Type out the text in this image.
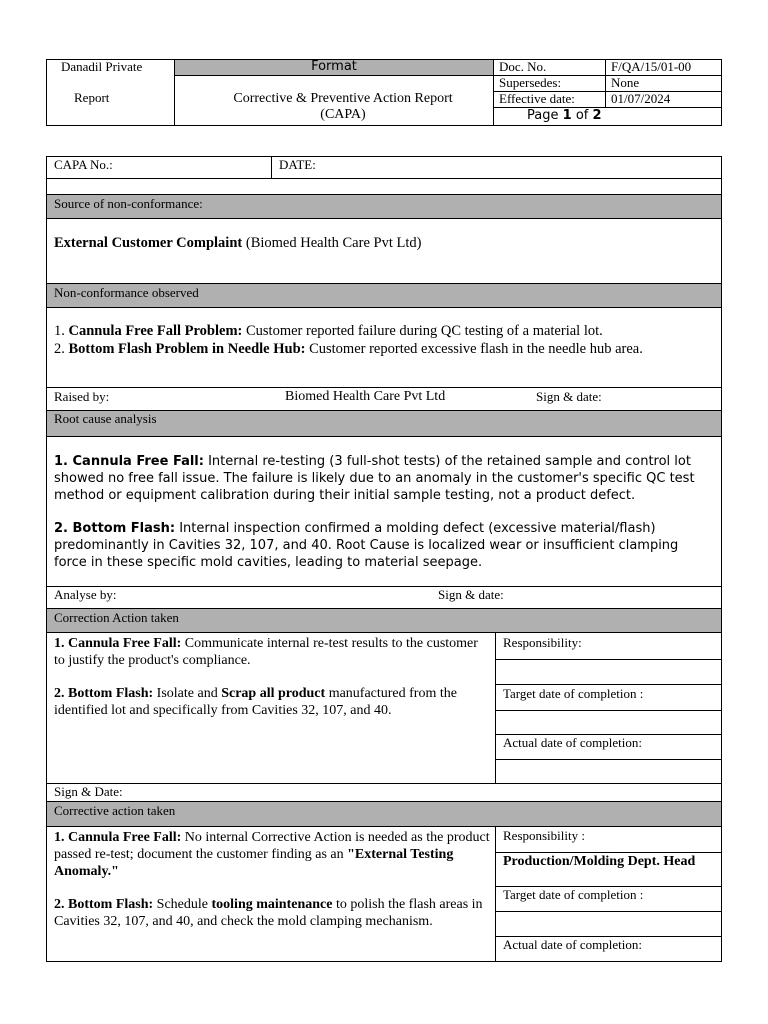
Danadil Private
Report
Format
Corrective & Preventive Action Report
(CAPA)
Doc. No.	F/QA/15/01-00
Supersedes:	None
Effective date:	01/07/2024
Page 1 of 2
CAPA No.:	DATE:
Source of non-conformance:
External Customer Complaint (Biomed Health Care Pvt Ltd)
Non-conformance observed
1. Cannula Free Fall Problem: Customer reported failure during QC testing of a material lot.
2. Bottom Flash Problem in Needle Hub: Customer reported excessive flash in the needle hub area.
Raised by:	Biomed Health Care Pvt Ltd	Sign & date:
Root cause analysis
1. Cannula Free Fall: Internal re-testing (3 full-shot tests) of the retained sample and control lot showed no free fall issue. The failure is likely due to an anomaly in the customer's specific QC test method or equipment calibration during their initial sample testing, not a product defect.
2. Bottom Flash: Internal inspection confirmed a molding defect (excessive material/flash) predominantly in Cavities 32, 107, and 40. Root Cause is localized wear or insufficient clamping force in these specific mold cavities, leading to material seepage.
Analyse by:	Sign & date:
Correction Action taken
1. Cannula Free Fall: Communicate internal re-test results to the customer to justify the product's compliance.
2. Bottom Flash: Isolate and Scrap all product manufactured from the identified lot and specifically from Cavities 32, 107, and 40.
Responsibility:
Target date of completion :
Actual date of completion:
Sign & Date:
Corrective action taken
1. Cannula Free Fall: No internal Corrective Action is needed as the product passed re-test; document the customer finding as an "External Testing Anomaly."
2. Bottom Flash: Schedule tooling maintenance to polish the flash areas in Cavities 32, 107, and 40, and check the mold clamping mechanism.
Responsibility :
Production/Molding Dept. Head
Target date of completion :
Actual date of completion:
